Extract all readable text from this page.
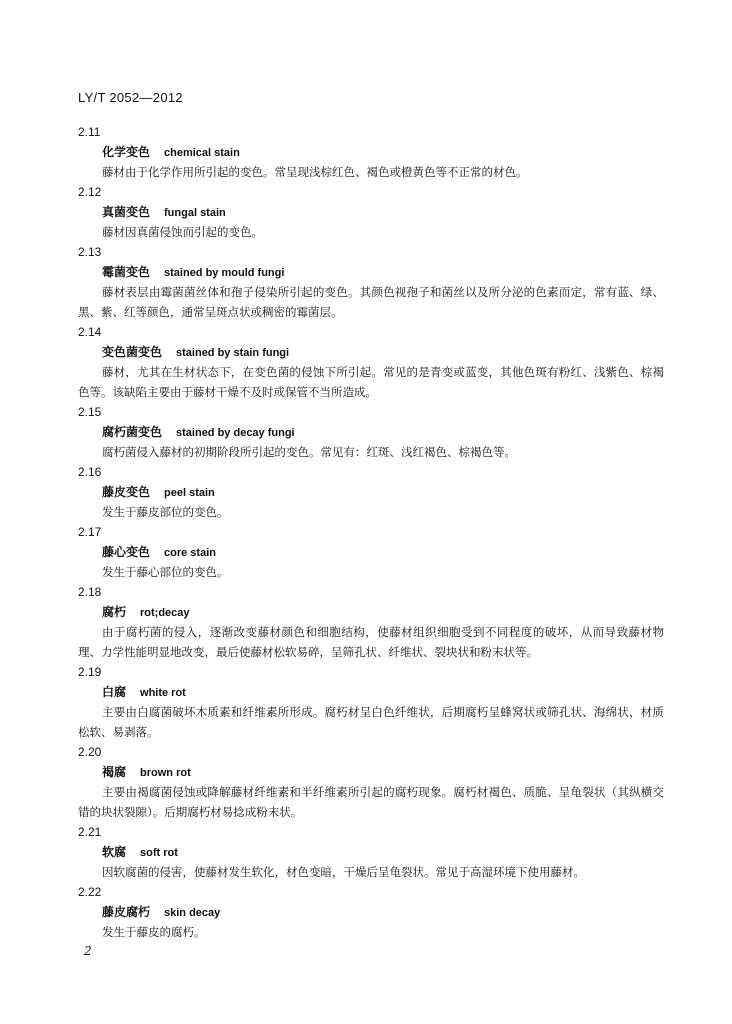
LY/T 2052—2012
2.11
化学变色 chemical stain

藤材由于化学作用所引起的变色。常呈现浅棕红色、褐色或橙黄色等不正常的材色。

2.12
真菌变色 fungal stain

藤材因真菌侵蚀而引起的变色。

2.13
霉菌变色 stained by mould fungi

藤材表层由霉菌菌丝体和孢子侵染所引起的变色。其颜色视孢子和菌丝以及所分泌的色素而定，常有蓝、绿、黑、紫、红等颜色，通常呈斑点状或稠密的霉菌层。

2.14
变色菌变色 stained by stain fungi

藤材，尤其在生材状态下，在变色菌的侵蚀下所引起。常见的是青变或蓝变，其他色斑有粉红、浅紫色、棕褐色等。该缺陷主要由于藤材干燥不及时或保管不当所造成。

2.15
腐朽菌变色 stained by decay fungi

腐朽菌侵入藤材的初期阶段所引起的变色。常见有：红斑、浅红褐色、棕褐色等。

2.16
藤皮变色 peel stain

发生于藤皮部位的变色。

2.17
藤心变色 core stain

发生于藤心部位的变色。

2.18
腐朽 rot;decay

由于腐朽菌的侵入，逐渐改变藤材颜色和细胞结构，使藤材组织细胞受到不同程度的破坏，从而导致藤材物理、力学性能明显地改变，最后使藤材松软易碎，呈筛孔状、纤维状、裂块状和粉末状等。

2.19
白腐 white rot

主要由白腐菌破坏木质素和纤维素所形成。腐朽材呈白色纤维状，后期腐朽呈蜂窝状或筛孔状、海绵状，材质松软、易剥落。

2.20
褐腐 brown rot

主要由褐腐菌侵蚀或降解藤材纤维素和半纤维素所引起的腐朽现象。腐朽材褐色、质脆、呈龟裂状（其纵横交错的块状裂隙）。后期腐朽材易捻成粉末状。

2.21
软腐 soft rot

因软腐菌的侵害，使藤材发生软化，材色变暗，干燥后呈龟裂状。常见于高湿环境下使用藤材。

2.22
藤皮腐朽 skin decay

发生于藤皮的腐朽。

2
